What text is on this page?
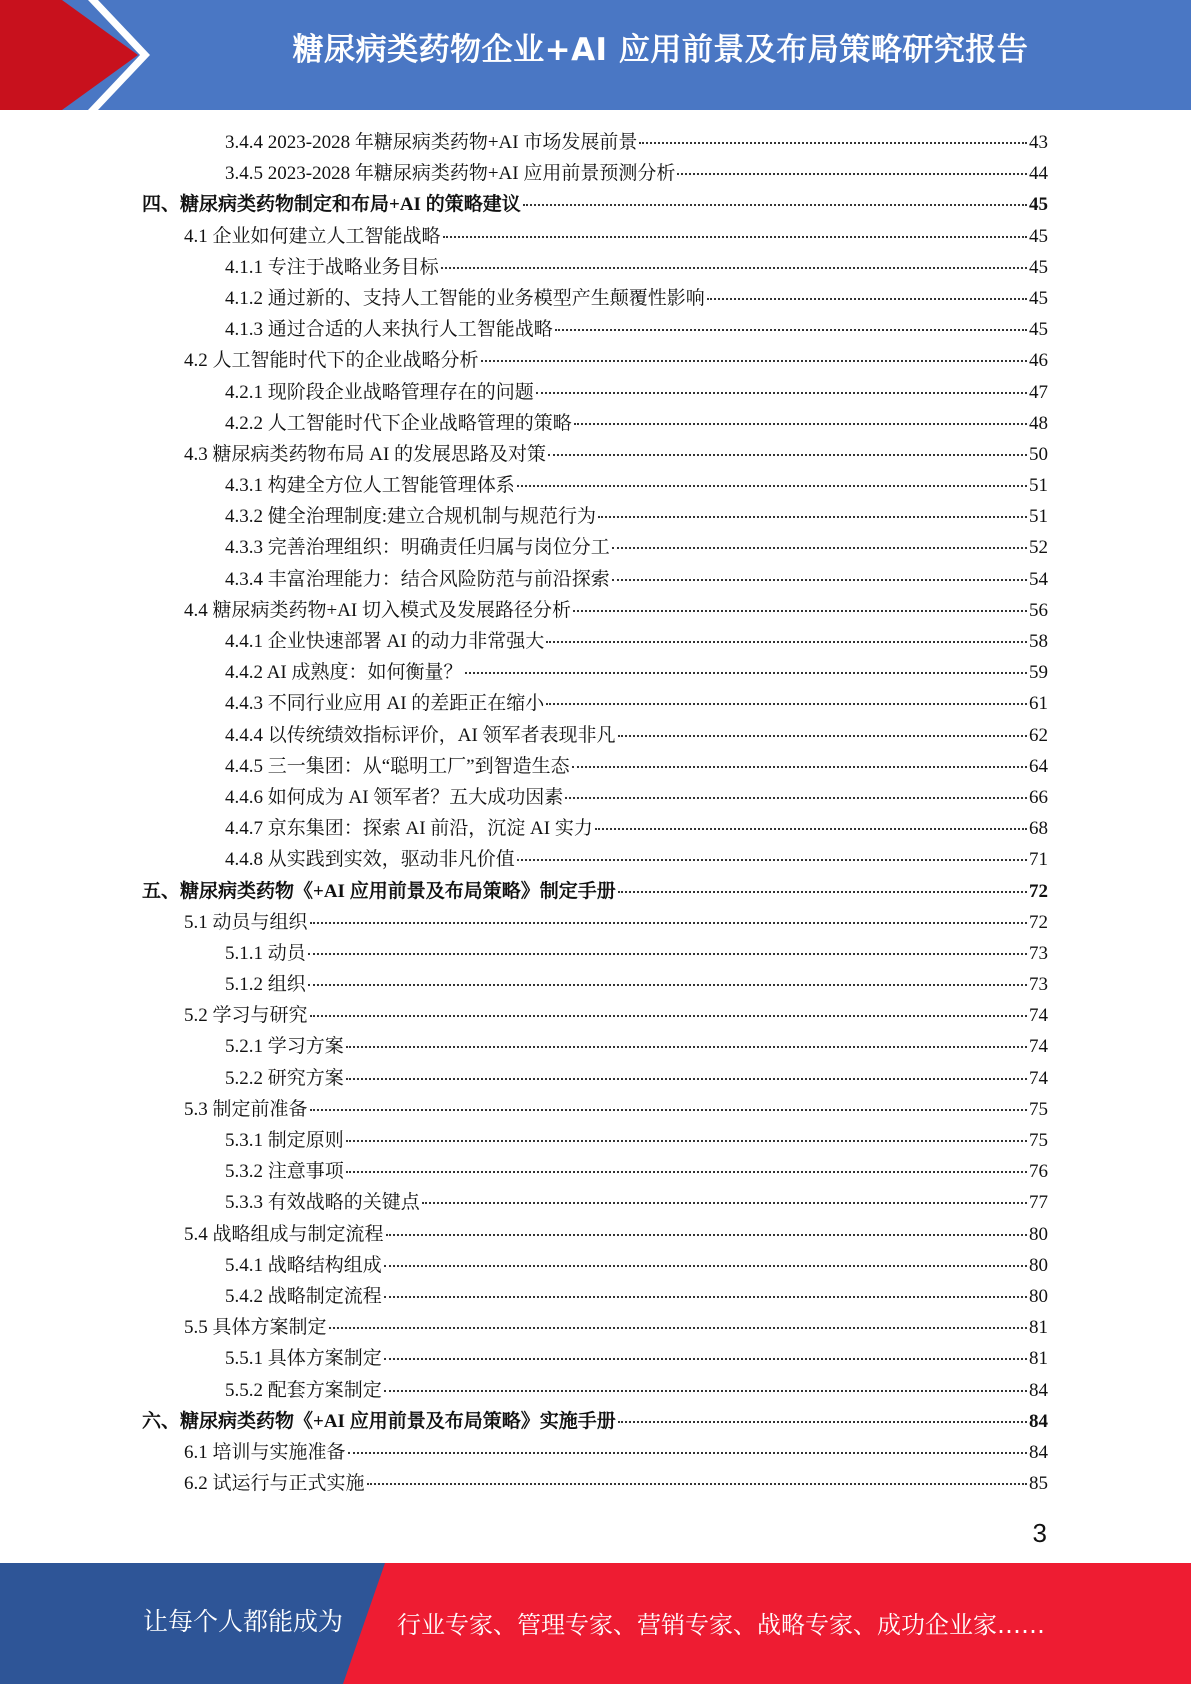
糖尿病类药物企业+AI 应用前景及布局策略研究报告
3.4.4 2023-2028 年糖尿病类药物+AI 市场发展前景	43
3.4.5 2023-2028 年糖尿病类药物+AI 应用前景预测分析	44
四、糖尿病类药物制定和布局+AI 的策略建议	45
4.1 企业如何建立人工智能战略	45
4.1.1 专注于战略业务目标	45
4.1.2 通过新的、支持人工智能的业务模型产生颠覆性影响	45
4.1.3 通过合适的人来执行人工智能战略	45
4.2 人工智能时代下的企业战略分析	46
4.2.1 现阶段企业战略管理存在的问题	47
4.2.2 人工智能时代下企业战略管理的策略	48
4.3 糖尿病类药物布局 AI 的发展思路及对策	50
4.3.1 构建全方位人工智能管理体系	51
4.3.2 健全治理制度:建立合规机制与规范行为	51
4.3.3 完善治理组织：明确责任归属与岗位分工	52
4.3.4 丰富治理能力：结合风险防范与前沿探索	54
4.4 糖尿病类药物+AI 切入模式及发展路径分析	56
4.4.1 企业快速部署 AI 的动力非常强大	58
4.4.2 AI 成熟度：如何衡量？	59
4.4.3 不同行业应用 AI 的差距正在缩小	61
4.4.4 以传统绩效指标评价，AI 领军者表现非凡	62
4.4.5 三一集团：从“聪明工厂”到智造生态	64
4.4.6 如何成为 AI 领军者？五大成功因素	66
4.4.7 京东集团：探索 AI 前沿，沉淀 AI 实力	68
4.4.8 从实践到实效，驱动非凡价值	71
五、糖尿病类药物《+AI 应用前景及布局策略》制定手册	72
5.1 动员与组织	72
5.1.1 动员	73
5.1.2 组织	73
5.2 学习与研究	74
5.2.1 学习方案	74
5.2.2 研究方案	74
5.3 制定前准备	75
5.3.1 制定原则	75
5.3.2 注意事项	76
5.3.3 有效战略的关键点	77
5.4 战略组成与制定流程	80
5.4.1 战略结构组成	80
5.4.2 战略制定流程	80
5.5 具体方案制定	81
5.5.1 具体方案制定	81
5.5.2 配套方案制定	84
六、糖尿病类药物《+AI 应用前景及布局策略》实施手册	84
6.1 培训与实施准备	84
6.2 试运行与正式实施	85
3
让每个人都能成为 行业专家、管理专家、营销专家、战略专家、成功企业家……
